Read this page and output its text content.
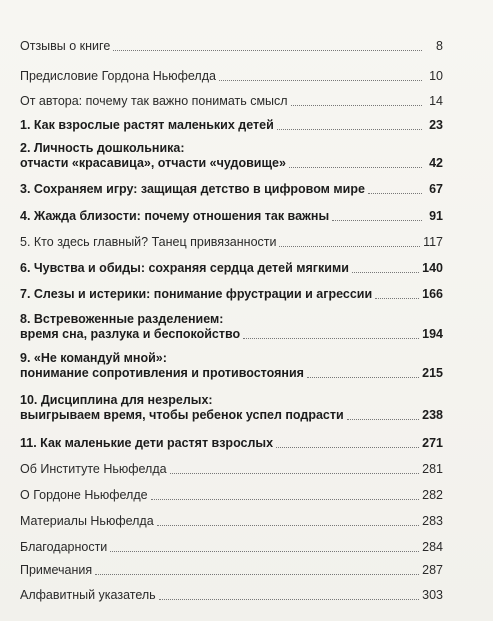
Отзывы о книге	8
Предисловие Гордона Ньюфелда	10
От автора: почему так важно понимать смысл	14
1. Как взрослые растят маленьких детей	23
2. Личность дошкольника:
отчасти «красавица», отчасти «чудовище»	42
3. Сохраняем игру: защищая детство в цифровом мире	67
4. Жажда близости: почему отношения так важны	91
5. Кто здесь главный? Танец привязанности	117
6. Чувства и обиды: сохраняя сердца детей мягкими	140
7. Слезы и истерики: понимание фрустрации и агрессии	166
8. Встревоженные разделением:
время сна, разлука и беспокойство	194
9. «Не командуй мной»:
понимание сопротивления и противостояния	215
10. Дисциплина для незрелых:
выигрываем время, чтобы ребенок успел подрасти	238
11. Как маленькие дети растят взрослых	271
Об Институте Ньюфелда	281
О Гордоне Ньюфелде	282
Материалы Ньюфелда	283
Благодарности	284
Примечания	287
Алфавитный указатель	303
